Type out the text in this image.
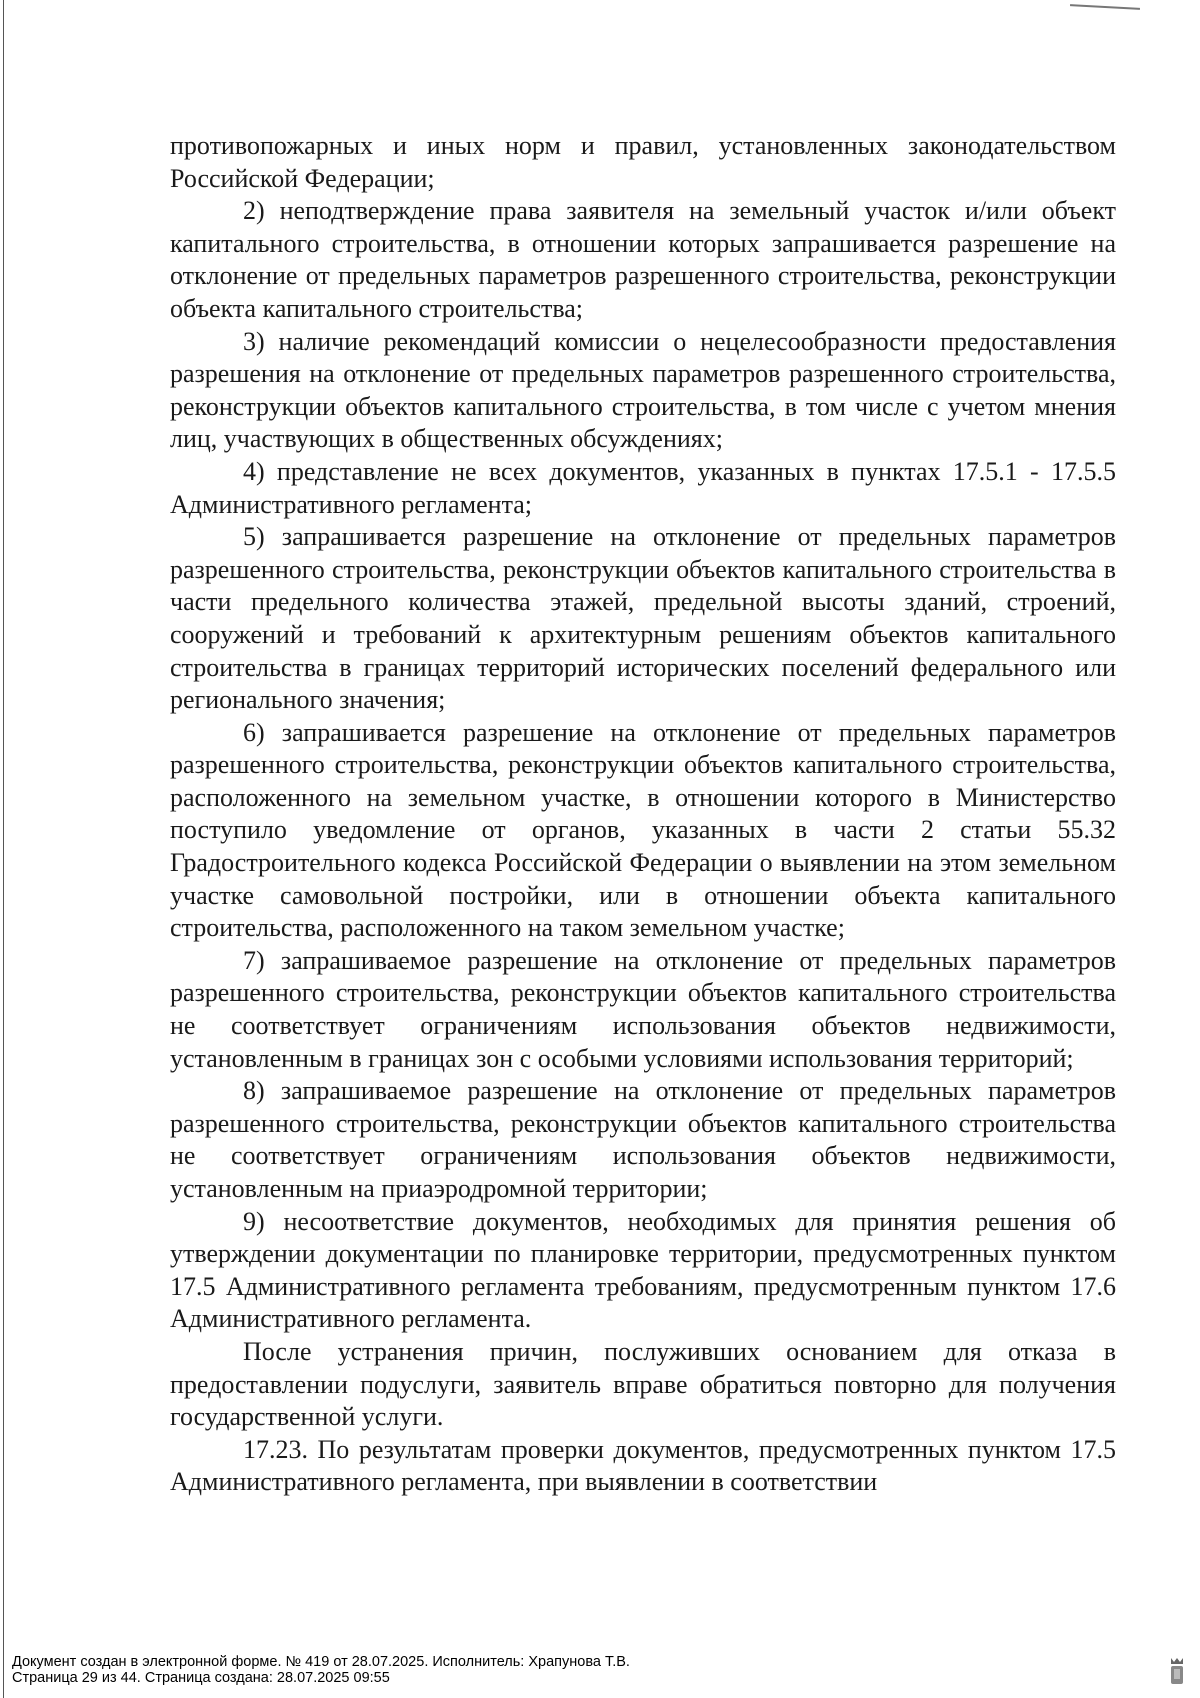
противопожарных и иных норм и правил, установленных законодательством Российской Федерации;

2) неподтверждение права заявителя на земельный участок и/или объект капитального строительства, в отношении которых запрашивается разрешение на отклонение от предельных параметров разрешенного строительства, реконструкции объекта капитального строительства;

3) наличие рекомендаций комиссии о нецелесообразности предоставления разрешения на отклонение от предельных параметров разрешенного строительства, реконструкции объектов капитального строительства, в том числе с учетом мнения лиц, участвующих в общественных обсуждениях;

4) представление не всех документов, указанных в пунктах 17.5.1 - 17.5.5 Административного регламента;

5) запрашивается разрешение на отклонение от предельных параметров разрешенного строительства, реконструкции объектов капитального строительства в части предельного количества этажей, предельной высоты зданий, строений, сооружений и требований к архитектурным решениям объектов капитального строительства в границах территорий исторических поселений федерального или регионального значения;

6) запрашивается разрешение на отклонение от предельных параметров разрешенного строительства, реконструкции объектов капитального строительства, расположенного на земельном участке, в отношении которого в Министерство поступило уведомление от органов, указанных в части 2 статьи 55.32 Градостроительного кодекса Российской Федерации о выявлении на этом земельном участке самовольной постройки, или в отношении объекта капитального строительства, расположенного на таком земельном участке;

7) запрашиваемое разрешение на отклонение от предельных параметров разрешенного строительства, реконструкции объектов капитального строительства не соответствует ограничениям использования объектов недвижимости, установленным в границах зон с особыми условиями использования территорий;

8) запрашиваемое разрешение на отклонение от предельных параметров разрешенного строительства, реконструкции объектов капитального строительства не соответствует ограничениям использования объектов недвижимости, установленным на приаэродромной территории;

9) несоответствие документов, необходимых для принятия решения об утверждении документации по планировке территории, предусмотренных пунктом 17.5 Административного регламента требованиям, предусмотренным пунктом 17.6 Административного регламента.

После устранения причин, послуживших основанием для отказа в предоставлении подуслуги, заявитель вправе обратиться повторно для получения государственной услуги.

17.23. По результатам проверки документов, предусмотренных пунктом 17.5 Административного регламента, при выявлении в соответствии

Документ создан в электронной форме. № 419 от 28.07.2025. Исполнитель: Храпунова Т.В.
Страница 29 из 44. Страница создана: 28.07.2025 09:55
